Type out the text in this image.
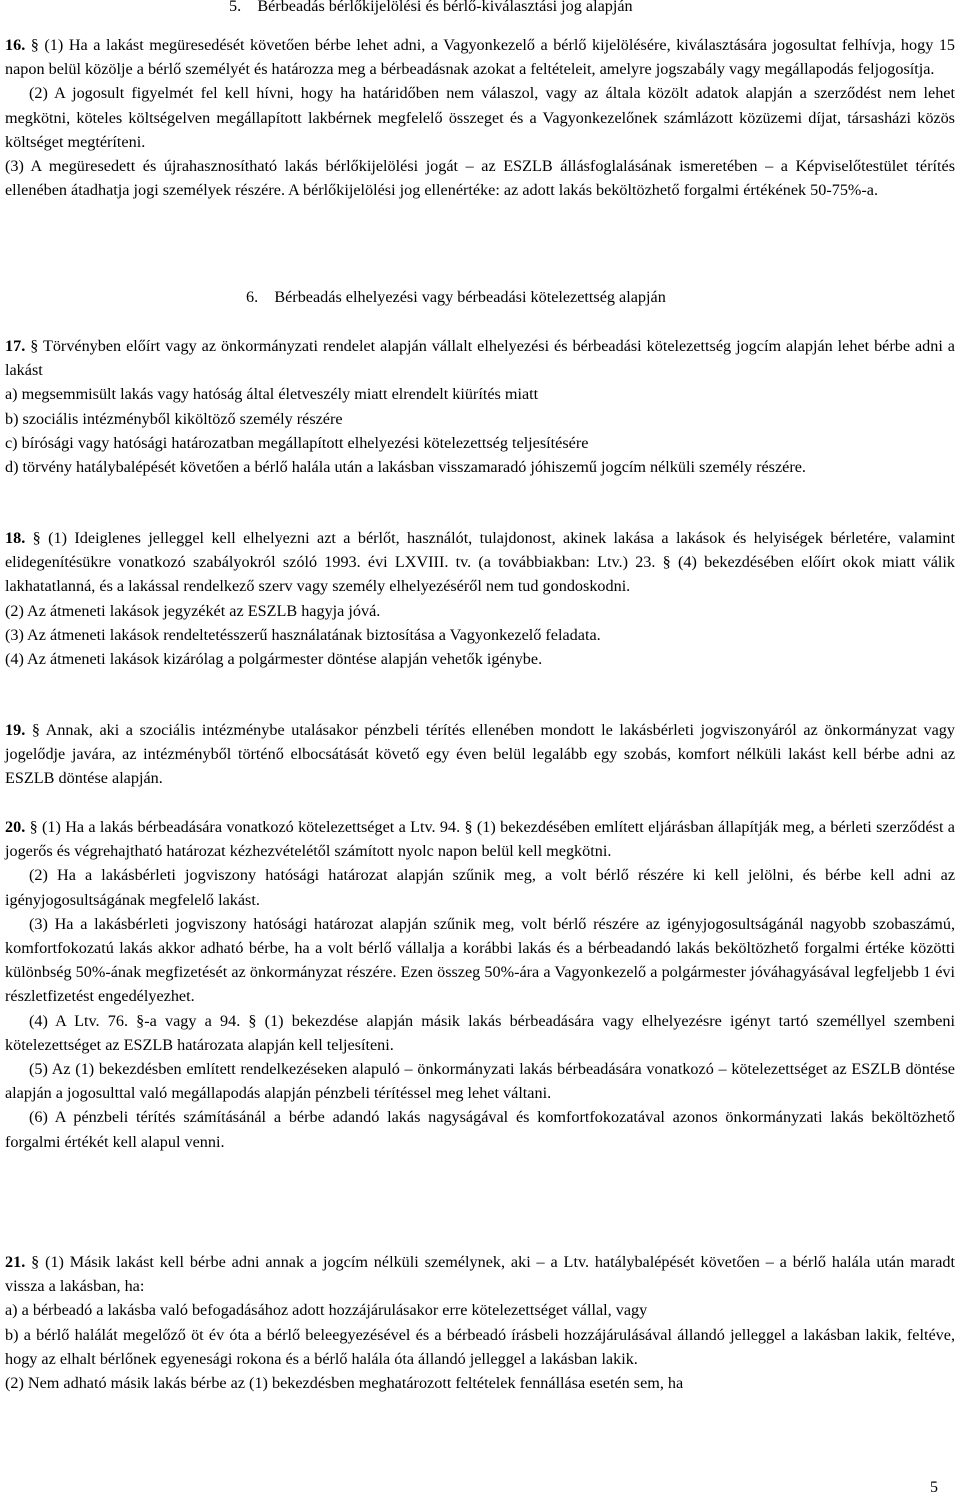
5. Bérbeadás bérlőkijelölési és bérlő-kiválasztási jog alapján

16. § (1) Ha a lakást megüresedését követően bérbe lehet adni, a Vagyonkezelő a bérlő kijelölésére, kiválasztására jogosultat felhívja, hogy 15 napon belül közölje a bérlő személyét és határozza meg a bérbeadásnak azokat a feltételeit, amelyre jogszabály vagy megállapodás feljogosítja.

(2) A jogosult figyelmét fel kell hívni, hogy ha határidőben nem válaszol, vagy az általa közölt adatok alapján a szerződést nem lehet megkötni, köteles költségelven megállapított lakbérnek megfelelő összeget és a Vagyonkezelőnek számlázott közüzemi díjat, társasházi közös költséget megtéríteni.

(3) A megüresedett és újrahasznosítható lakás bérlőkijelölési jogát – az ESZLB állásfoglalásának ismeretében – a Képviselőtestület térítés ellenében átadhatja jogi személyek részére. A bérlőkijelölési jog ellenértéke: az adott lakás beköltözhető forgalmi értékének 50-75%-a.

6. Bérbeadás elhelyezési vagy bérbeadási kötelezettség alapján

17. § Törvényben előírt vagy az önkormányzati rendelet alapján vállalt elhelyezési és bérbeadási kötelezettség jogcím alapján lehet bérbe adni a lakást

a) megsemmisült lakás vagy hatóság által életveszély miatt elrendelt kiürítés miatt

b) szociális intézményből kiköltöző személy részére

c) bírósági vagy hatósági határozatban megállapított elhelyezési kötelezettség teljesítésére

d) törvény hatálybalépését követően a bérlő halála után a lakásban visszamaradó jóhiszemű jogcím nélküli személy részére.

18. § (1) Ideiglenes jelleggel kell elhelyezni azt a bérlőt, használót, tulajdonost, akinek lakása a lakások és helyiségek bérletére, valamint elidegenítésükre vonatkozó szabályokról szóló 1993. évi LXVIII. tv. (a továbbiakban: Ltv.) 23. § (4) bekezdésében előírt okok miatt válik lakhatatlanná, és a lakással rendelkező szerv vagy személy elhelyezéséről nem tud gondoskodni.

(2) Az átmeneti lakások jegyzékét az ESZLB hagyja jóvá.

(3) Az átmeneti lakások rendeltetésszerű használatának biztosítása a Vagyonkezelő feladata.

(4) Az átmeneti lakások kizárólag a polgármester döntése alapján vehetők igénybe.

19. § Annak, aki a szociális intézménybe utalásakor pénzbeli térítés ellenében mondott le lakásbérleti jogviszonyáról az önkormányzat vagy jogelődje javára, az intézményből történő elbocsátását követő egy éven belül legalább egy szobás, komfort nélküli lakást kell bérbe adni az ESZLB döntése alapján.

20. § (1) Ha a lakás bérbeadására vonatkozó kötelezettséget a Ltv. 94. § (1) bekezdésében említett eljárásban állapítják meg, a bérleti szerződést a jogerős és végrehajtható határozat kézhezvételétől számított nyolc napon belül kell megkötni.

(2) Ha a lakásbérleti jogviszony hatósági határozat alapján szűnik meg, a volt bérlő részére ki kell jelölni, és bérbe kell adni az igényjogosultságának megfelelő lakást.

(3) Ha a lakásbérleti jogviszony hatósági határozat alapján szűnik meg, volt bérlő részére az igényjogosultságánál nagyobb szobaszámú, komfortfokozatú lakás akkor adható bérbe, ha a volt bérlő vállalja a korábbi lakás és a bérbeadandó lakás beköltözhető forgalmi értéke közötti különbség 50%-ának megfizetését az önkormányzat részére. Ezen összeg 50%-ára a Vagyonkezelő a polgármester jóváhagyásával legfeljebb 1 évi részletfizetést engedélyezhet.

(4) A Ltv. 76. §-a vagy a 94. § (1) bekezdése alapján másik lakás bérbeadására vagy elhelyezésre igényt tartó személlyel szembeni kötelezettséget az ESZLB határozata alapján kell teljesíteni.

(5) Az (1) bekezdésben említett rendelkezéseken alapuló – önkormányzati lakás bérbeadására vonatkozó – kötelezettséget az ESZLB döntése alapján a jogosulttal való megállapodás alapján pénzbeli térítéssel meg lehet váltani.

(6) A pénzbeli térítés számításánál a bérbe adandó lakás nagyságával és komfortfokozatával azonos önkormányzati lakás beköltözhető forgalmi értékét kell alapul venni.

21. § (1) Másik lakást kell bérbe adni annak a jogcím nélküli személynek, aki – a Ltv. hatálybalépését követően – a bérlő halála után maradt vissza a lakásban, ha:

a) a bérbeadó a lakásba való befogadásához adott hozzájárulásakor erre kötelezettséget vállal, vagy

b) a bérlő halálát megelőző öt év óta a bérlő beleegyezésével és a bérbeadó írásbeli hozzájárulásával állandó jelleggel a lakásban lakik, feltéve, hogy az elhalt bérlőnek egyenesági rokona és a bérlő halála óta állandó jelleggel a lakásban lakik.

(2) Nem adható másik lakás bérbe az (1) bekezdésben meghatározott feltételek fennállása esetén sem, ha

5
